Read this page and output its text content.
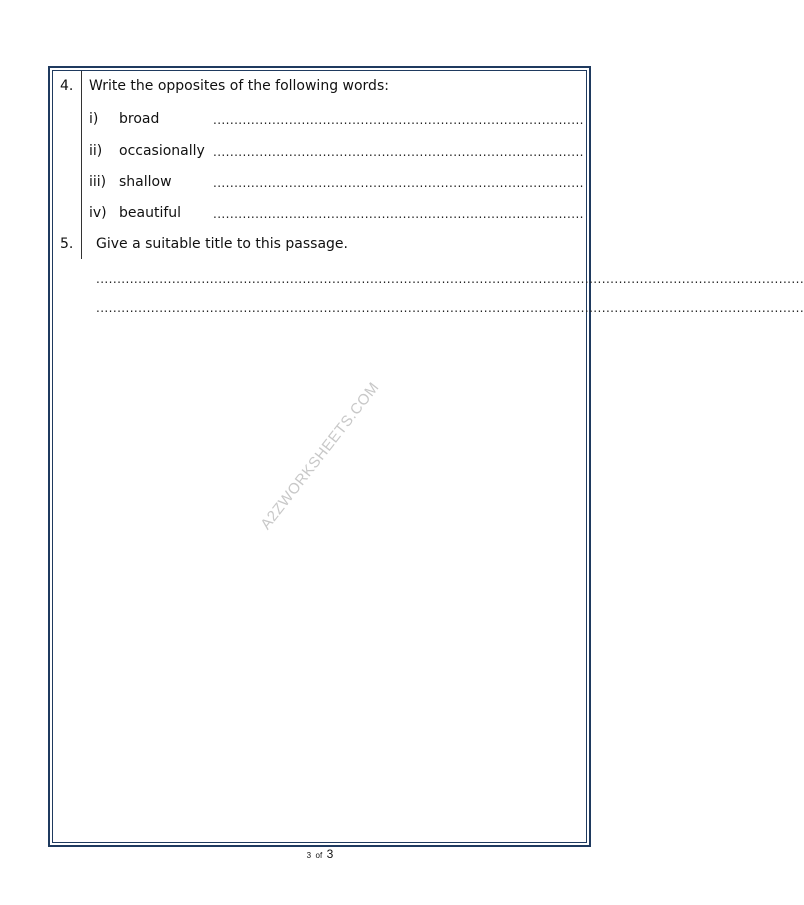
4. Write the opposites of the following words:
i) broad	........................................................................................
ii) occasionally ........................................................................................
iii) shallow	........................................................................................
iv) beautiful	........................................................................................
5. Give a suitable title to this passage.
........................................................................................................................................................................
........................................................................................................................................................................
A2ZWORKSHEETS.COM
3 of 3
